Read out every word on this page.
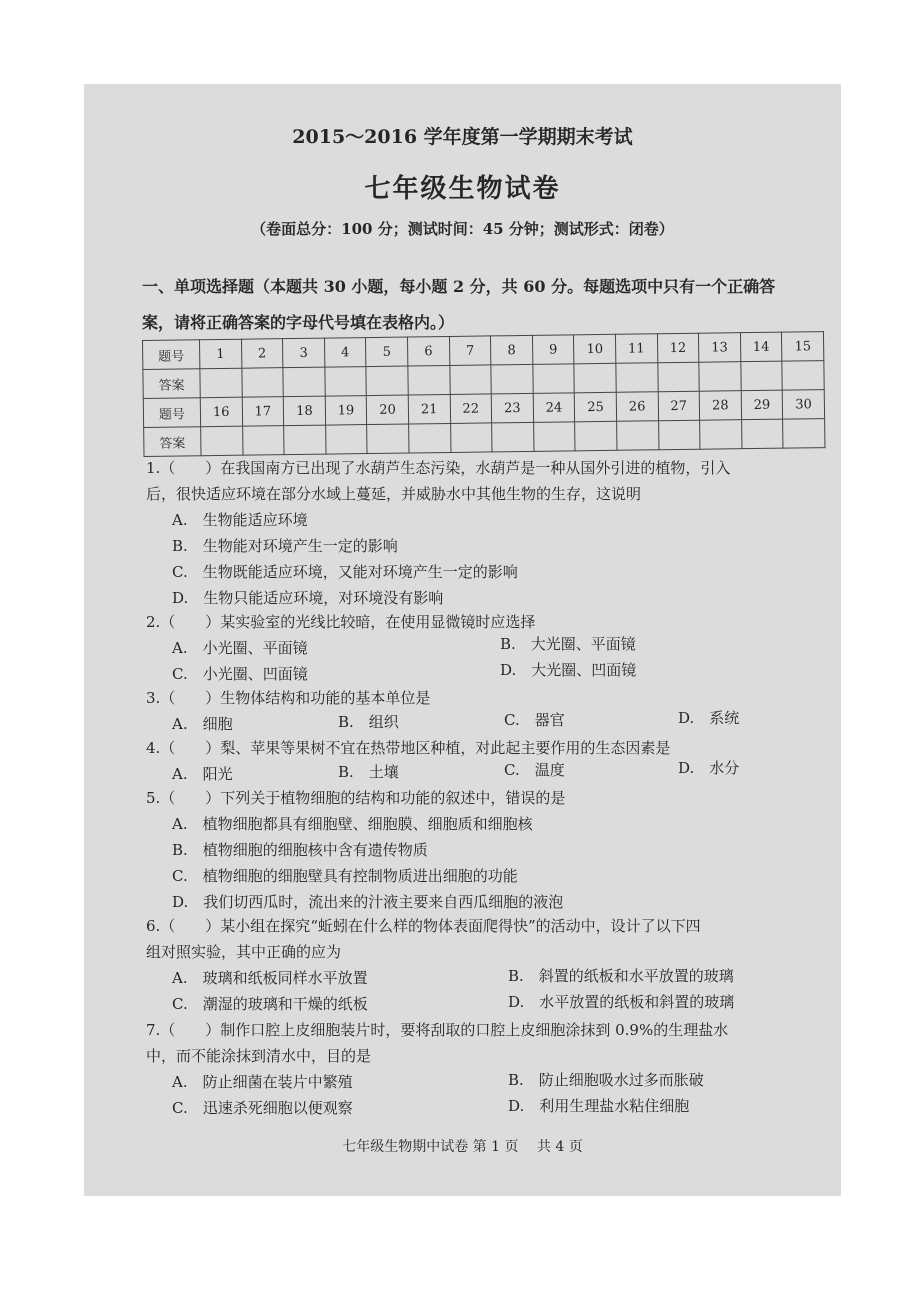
2015～2016 学年度第一学期期末考试
七年级生物试卷
（卷面总分：100 分；测试时间：45 分钟；测试形式：闭卷）
一、单项选择题（本题共 30 小题，每小题 2 分，共 60 分。每题选项中只有一个正确答
案，请将正确答案的字母代号填在表格内。）
题号	1	2	3	4	5	6	7	8	9	10	11	12	13	14	15
答案															
题号	16	17	18	19	20	21	22	23	24	25	26	27	28	29	30
答案															
1.（　　）在我国南方已出现了水葫芦生态污染，水葫芦是一种从国外引进的植物，引入
后，很快适应环境在部分水域上蔓延，并威胁水中其他生物的生存，这说明
A.　生物能适应环境
B.　生物能对环境产生一定的影响
C.　生物既能适应环境，又能对环境产生一定的影响
D.　生物只能适应环境，对环境没有影响
2.（　　）某实验室的光线比较暗，在使用显微镜时应选择
A.　小光圈、平面镜	B.　大光圈、平面镜
C.　小光圈、凹面镜	D.　大光圈、凹面镜
3.（　　）生物体结构和功能的基本单位是
A.　细胞	B.　组织	C.　器官	D.　系统
4.（　　）梨、苹果等果树不宜在热带地区种植，对此起主要作用的生态因素是
A.　阳光	B.　土壤	C.　温度	D.　水分
5.（　　）下列关于植物细胞的结构和功能的叙述中，错误的是
A.　植物细胞都具有细胞壁、细胞膜、细胞质和细胞核
B.　植物细胞的细胞核中含有遗传物质
C.　植物细胞的细胞壁具有控制物质进出细胞的功能
D.　我们切西瓜时，流出来的汁液主要来自西瓜细胞的液泡
6.（　　）某小组在探究“蚯蚓在什么样的物体表面爬得快”的活动中，设计了以下四
组对照实验，其中正确的应为
A.　玻璃和纸板同样水平放置	B.　斜置的纸板和水平放置的玻璃
C.　潮湿的玻璃和干燥的纸板	D.　水平放置的纸板和斜置的玻璃
7.（　　）制作口腔上皮细胞装片时，要将刮取的口腔上皮细胞涂抹到 0.9%的生理盐水
中，而不能涂抹到清水中，目的是
A.　防止细菌在装片中繁殖	B.　防止细胞吸水过多而胀破
C.　迅速杀死细胞以便观察	D.　利用生理盐水粘住细胞
七年级生物期中试卷 第 1 页　 共 4 页
